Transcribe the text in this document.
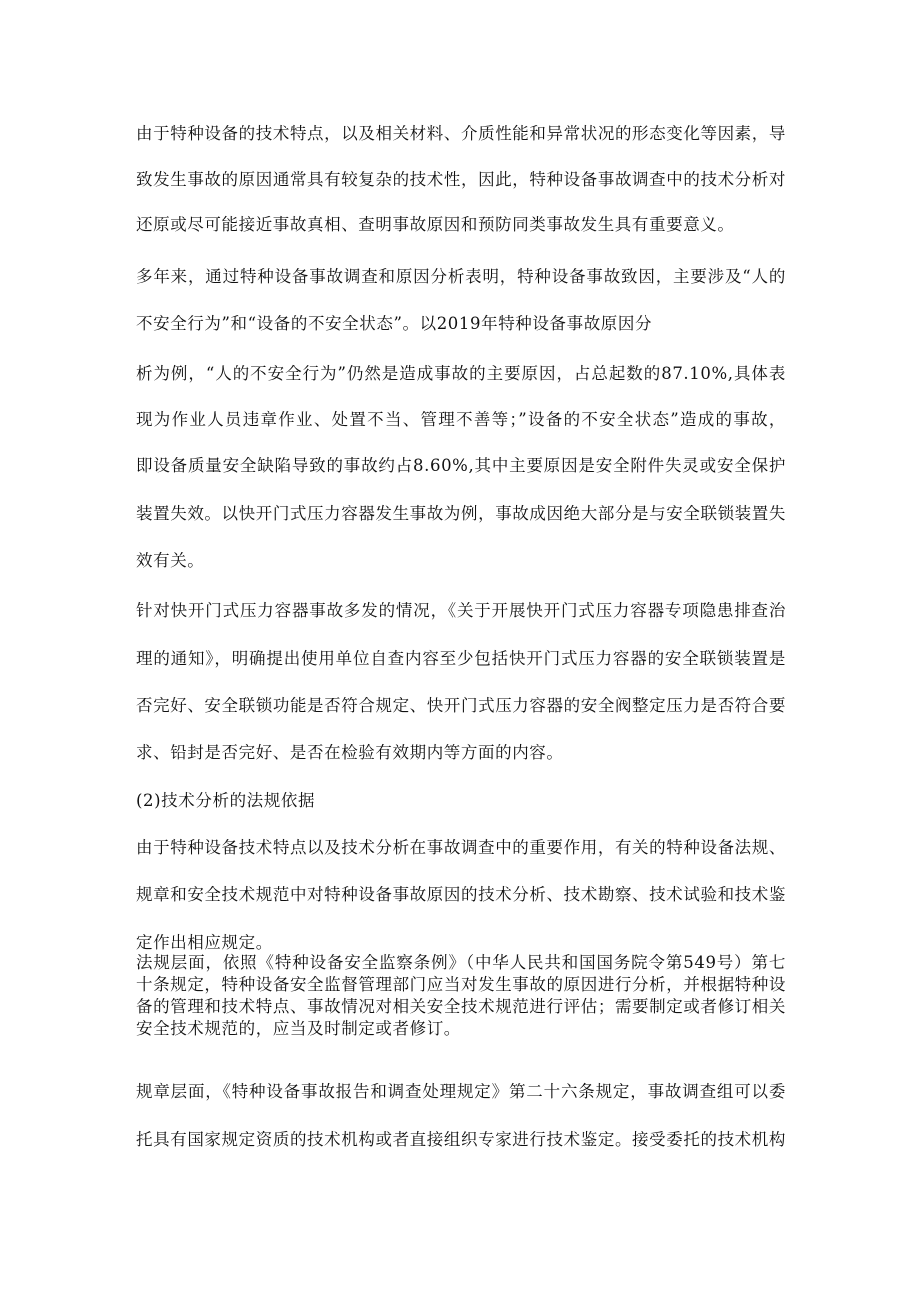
由于特种设备的技术特点，以及相关材料、介质性能和异常状况的形态变化等因素，导
致发生事故的原因通常具有较复杂的技术性，因此，特种设备事故调查中的技术分析对
还原或尽可能接近事故真相、查明事故原因和预防同类事故发生具有重要意义。
多年来，通过特种设备事故调查和原因分析表明，特种设备事故致因，主要涉及“人的
不安全行为”和“设备的不安全状态”。以2019年特种设备事故原因分
析为例，“人的不安全行为”仍然是造成事故的主要原因，占总起数的87.10%,具体表
现为作业人员违章作业、处置不当、管理不善等；”设备的不安全状态”造成的事故，
即设备质量安全缺陷导致的事故约占8.60%,其中主要原因是安全附件失灵或安全保护
装置失效。以快开门式压力容器发生事故为例，事故成因绝大部分是与安全联锁装置失
效有关。
针对快开门式压力容器事故多发的情况，《关于开展快开门式压力容器专项隐患排查治
理的通知》，明确提出使用单位自查内容至少包括快开门式压力容器的安全联锁装置是
否完好、安全联锁功能是否符合规定、快开门式压力容器的安全阀整定压力是否符合要
求、铅封是否完好、是否在检验有效期内等方面的内容。
(2)技术分析的法规依据
由于特种设备技术特点以及技术分析在事故调查中的重要作用，有关的特种设备法规、
规章和安全技术规范中对特种设备事故原因的技术分析、技术勘察、技术试验和技术鉴
定作出相应规定。
法规层面，依照《特种设备安全监察条例》（中华人民共和国国务院令第549号）第七
十条规定，特种设备安全监督管理部门应当对发生事故的原因进行分析，并根据特种设
备的管理和技术特点、事故情况对相关安全技术规范进行评估；需要制定或者修订相关
安全技术规范的，应当及时制定或者修订。
规章层面，《特种设备事故报告和调查处理规定》第二十六条规定，事故调查组可以委
托具有国家规定资质的技术机构或者直接组织专家进行技术鉴定。接受委托的技术机构
